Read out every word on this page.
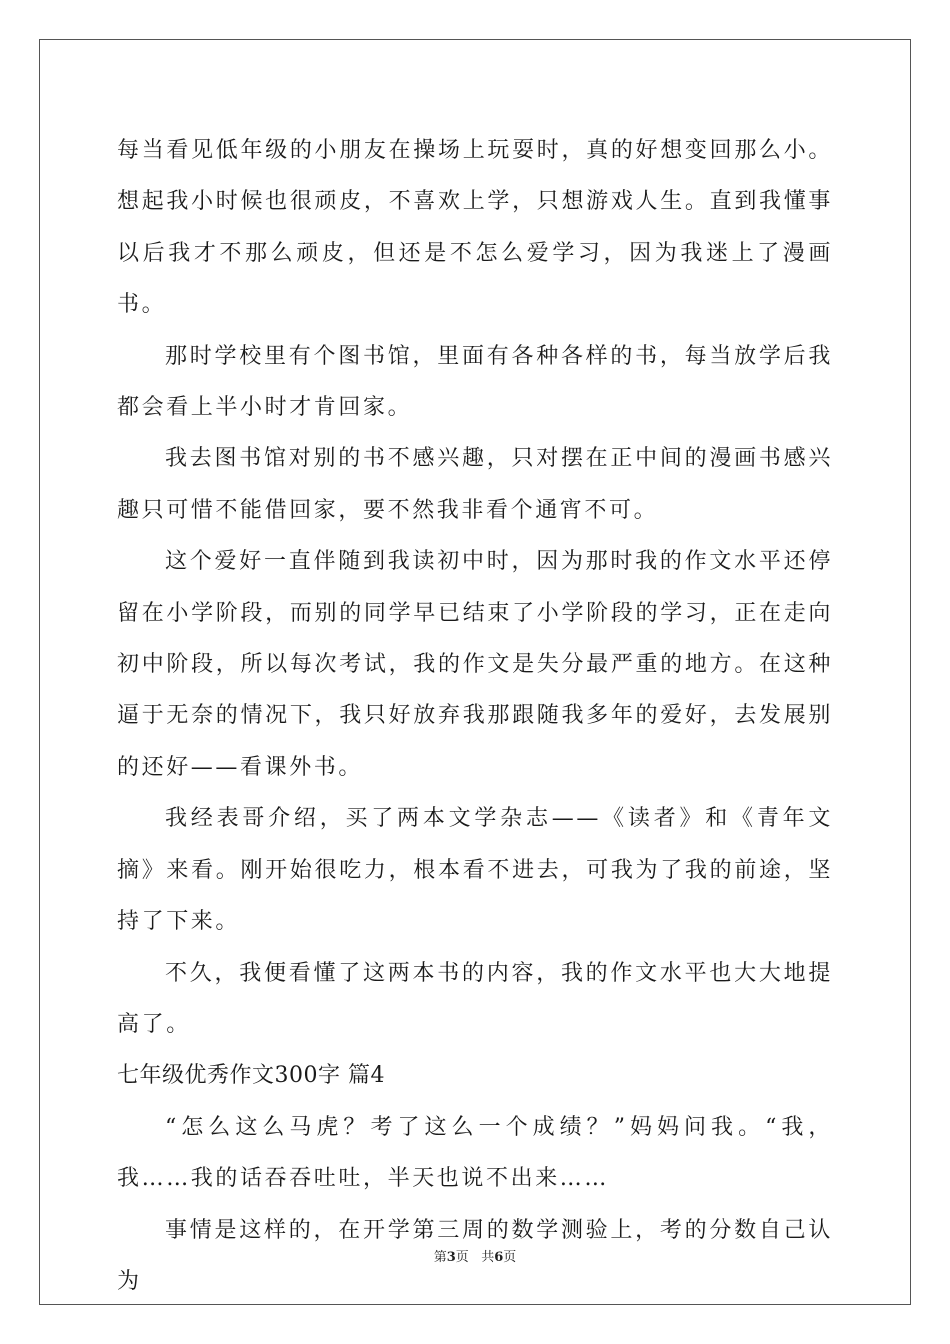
每当看见低年级的小朋友在操场上玩耍时，真的好想变回那么小。想起我小时候也很顽皮，不喜欢上学，只想游戏人生。直到我懂事以后我才不那么顽皮，但还是不怎么爱学习，因为我迷上了漫画书。

那时学校里有个图书馆，里面有各种各样的书，每当放学后我都会看上半小时才肯回家。

我去图书馆对别的书不感兴趣，只对摆在正中间的漫画书感兴趣只可惜不能借回家，要不然我非看个通宵不可。

这个爱好一直伴随到我读初中时，因为那时我的作文水平还停留在小学阶段，而别的同学早已结束了小学阶段的学习，正在走向初中阶段，所以每次考试，我的作文是失分最严重的地方。在这种逼于无奈的情况下，我只好放弃我那跟随我多年的爱好，去发展别的还好——看课外书。

我经表哥介绍，买了两本文学杂志——《读者》和《青年文摘》来看。刚开始很吃力，根本看不进去，可我为了我的前途，坚持了下来。

不久，我便看懂了这两本书的内容，我的作文水平也大大地提高了。

七年级优秀作文300字 篇4

“怎么这么马虎？考了这么一个成绩？”妈妈问我。“我，我……我的话吞吞吐吐，半天也说不出来……

事情是这样的，在开学第三周的数学测验上，考的分数自己认为

第3页 共6页
